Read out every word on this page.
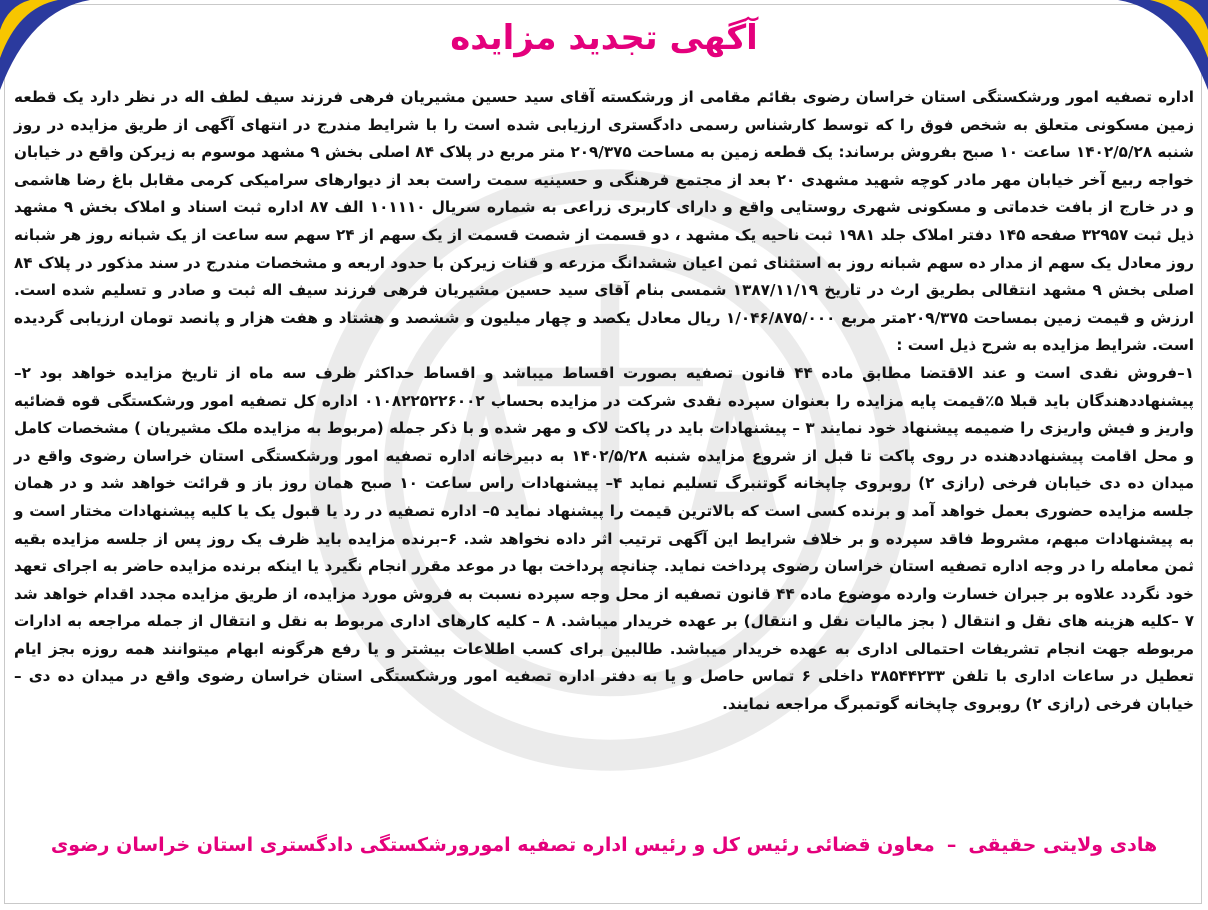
آگهی تجدید مزایده

اداره تصفیه امور ورشکستگی استان خراسان رضوی بقائم مقامی از ورشکسته آقای سید حسین مشیریان فرهی فرزند سیف لطف اله در نظر دارد یک قطعه زمین مسکونی متعلق به شخص فوق را که توسط کارشناس رسمی دادگستری ارزیابی شده است را با شرایط مندرج در انتهای آگهی از طریق مزایده در روز شنبه ۱۴۰۲/۵/۲۸ ساعت ۱۰ صبح بفروش برساند: یک قطعه زمین به مساحت ۲۰۹/۳۷۵ متر مربع در پلاک ۸۴ اصلی بخش ۹ مشهد موسوم به زیرکن واقع در خیابان خواجه ربیع آخر خیابان مهر مادر کوچه شهید مشهدی ۲۰ بعد از مجتمع فرهنگی و حسینیه سمت راست بعد از دیوارهای سرامیکی کرمی مقابل باغ رضا هاشمی و در خارج از بافت خدماتی و مسکونی شهری روستایی واقع و دارای کاربری زراعی به شماره سریال ۱۰۱۱۱۰ الف ۸۷ اداره ثبت اسناد و املاک بخش ۹ مشهد ذیل ثبت ۳۲۹۵۷ صفحه ۱۴۵ دفتر املاک جلد ۱۹۸۱ ثبت ناحیه یک مشهد ، دو قسمت از شصت قسمت از یک سهم از ۲۴ سهم سه ساعت از یک شبانه روز هر شبانه روز معادل یک سهم از مدار ده سهم شبانه روز به استثنای ثمن اعیان ششدانگ مزرعه و قنات زیرکن با حدود اربعه و مشخصات مندرج در سند مذکور در پلاک ۸۴ اصلی بخش ۹ مشهد انتقالی بطریق ارث در تاریخ ۱۳۸۷/۱۱/۱۹ شمسی بنام آقای سید حسین مشیریان فرهی فرزند سیف اله ثبت و صادر و تسلیم شده است. ارزش و قیمت زمین بمساحت ۲۰۹/۳۷۵متر مربع ۱/۰۴۶/۸۷۵/۰۰۰ ریال معادل یکصد و چهار میلیون و ششصد و هشتاد و هفت هزار و پانصد تومان ارزیابی گردیده است. شرایط مزایده به شرح ذیل است :

۱–فروش نقدی است و عند الاقتضا مطابق ماده ۴۴ قانون تصفیه بصورت اقساط میباشد و اقساط حداکثر ظرف سه ماه از تاریخ مزایده خواهد بود ۲– پیشنهاددهندگان باید قبلا ۵٪قیمت پایه مزایده را بعنوان سپرده نقدی شرکت در مزایده بحساب ۰۱۰۸۲۲۵۲۲۶۰۰۲ اداره کل تصفیه امور ورشکستگی قوه قضائیه واریز و فیش واریزی را ضمیمه پیشنهاد خود نمایند ۳ – پیشنهادات باید در پاکت لاک و مهر شده و با ذکر جمله (مربوط به مزایده ملک مشیریان ) مشخصات کامل و محل اقامت پیشنهاددهنده در روی پاکت تا قبل از شروع مزایده شنبه ۱۴۰۲/۵/۲۸ به دبیرخانه اداره تصفیه امور ورشکستگی استان خراسان رضوی واقع در میدان ده دی خیابان فرخی (رازی ۲) روبروی چاپخانه گوتنبرگ تسلیم نماید ۴– پیشنهادات راس ساعت ۱۰ صبح همان روز باز و قرائت خواهد شد و در همان جلسه مزایده حضوری بعمل خواهد آمد و برنده کسی است که بالاترین قیمت را پیشنهاد نماید ۵– اداره تصفیه در رد یا قبول یک یا کلیه پیشنهادات مختار است و به پیشنهادات مبهم، مشروط فاقد سپرده و بر خلاف شرایط این آگهی ترتیب اثر داده نخواهد شد. ۶–برنده مزایده باید ظرف یک روز پس از جلسه مزایده بقیه ثمن معامله را در وجه اداره تصفیه استان خراسان رضوی پرداخت نماید. چنانچه پرداخت بها در موعد مقرر انجام نگیرد یا اینکه برنده مزایده حاضر به اجرای تعهد خود نگردد علاوه بر جبران خسارت وارده موضوع ماده ۴۴ قانون تصفیه از محل وجه سپرده نسبت به فروش مورد مزایده، از طریق مزایده مجدد اقدام خواهد شد ۷ –کلیه هزینه های نقل و انتقال ( بجز مالیات نقل و انتقال) بر عهده خریدار میباشد. ۸ – کلیه کارهای اداری مربوط به نقل و انتقال از جمله مراجعه به ادارات مربوطه جهت انجام تشریفات احتمالی اداری به عهده خریدار میباشد. طالبین برای کسب اطلاعات بیشتر و یا رفع هرگونه ابهام میتوانند همه روزه بجز ایام تعطیل در ساعات اداری با تلفن ۳۸۵۴۴۲۳۳ داخلی ۶ تماس حاصل و یا به دفتر اداره تصفیه امور ورشکستگی استان خراسان رضوی واقع در میدان ده دی – خیابان فرخی (رازی ۲) روبروی چاپخانه گوتمبرگ مراجعه نمایند.

هادی ولایتی حقیقی–معاون قضائی رئیس کل و رئیس اداره تصفیه امورورشکستگی دادگستری استان خراسان رضوی
